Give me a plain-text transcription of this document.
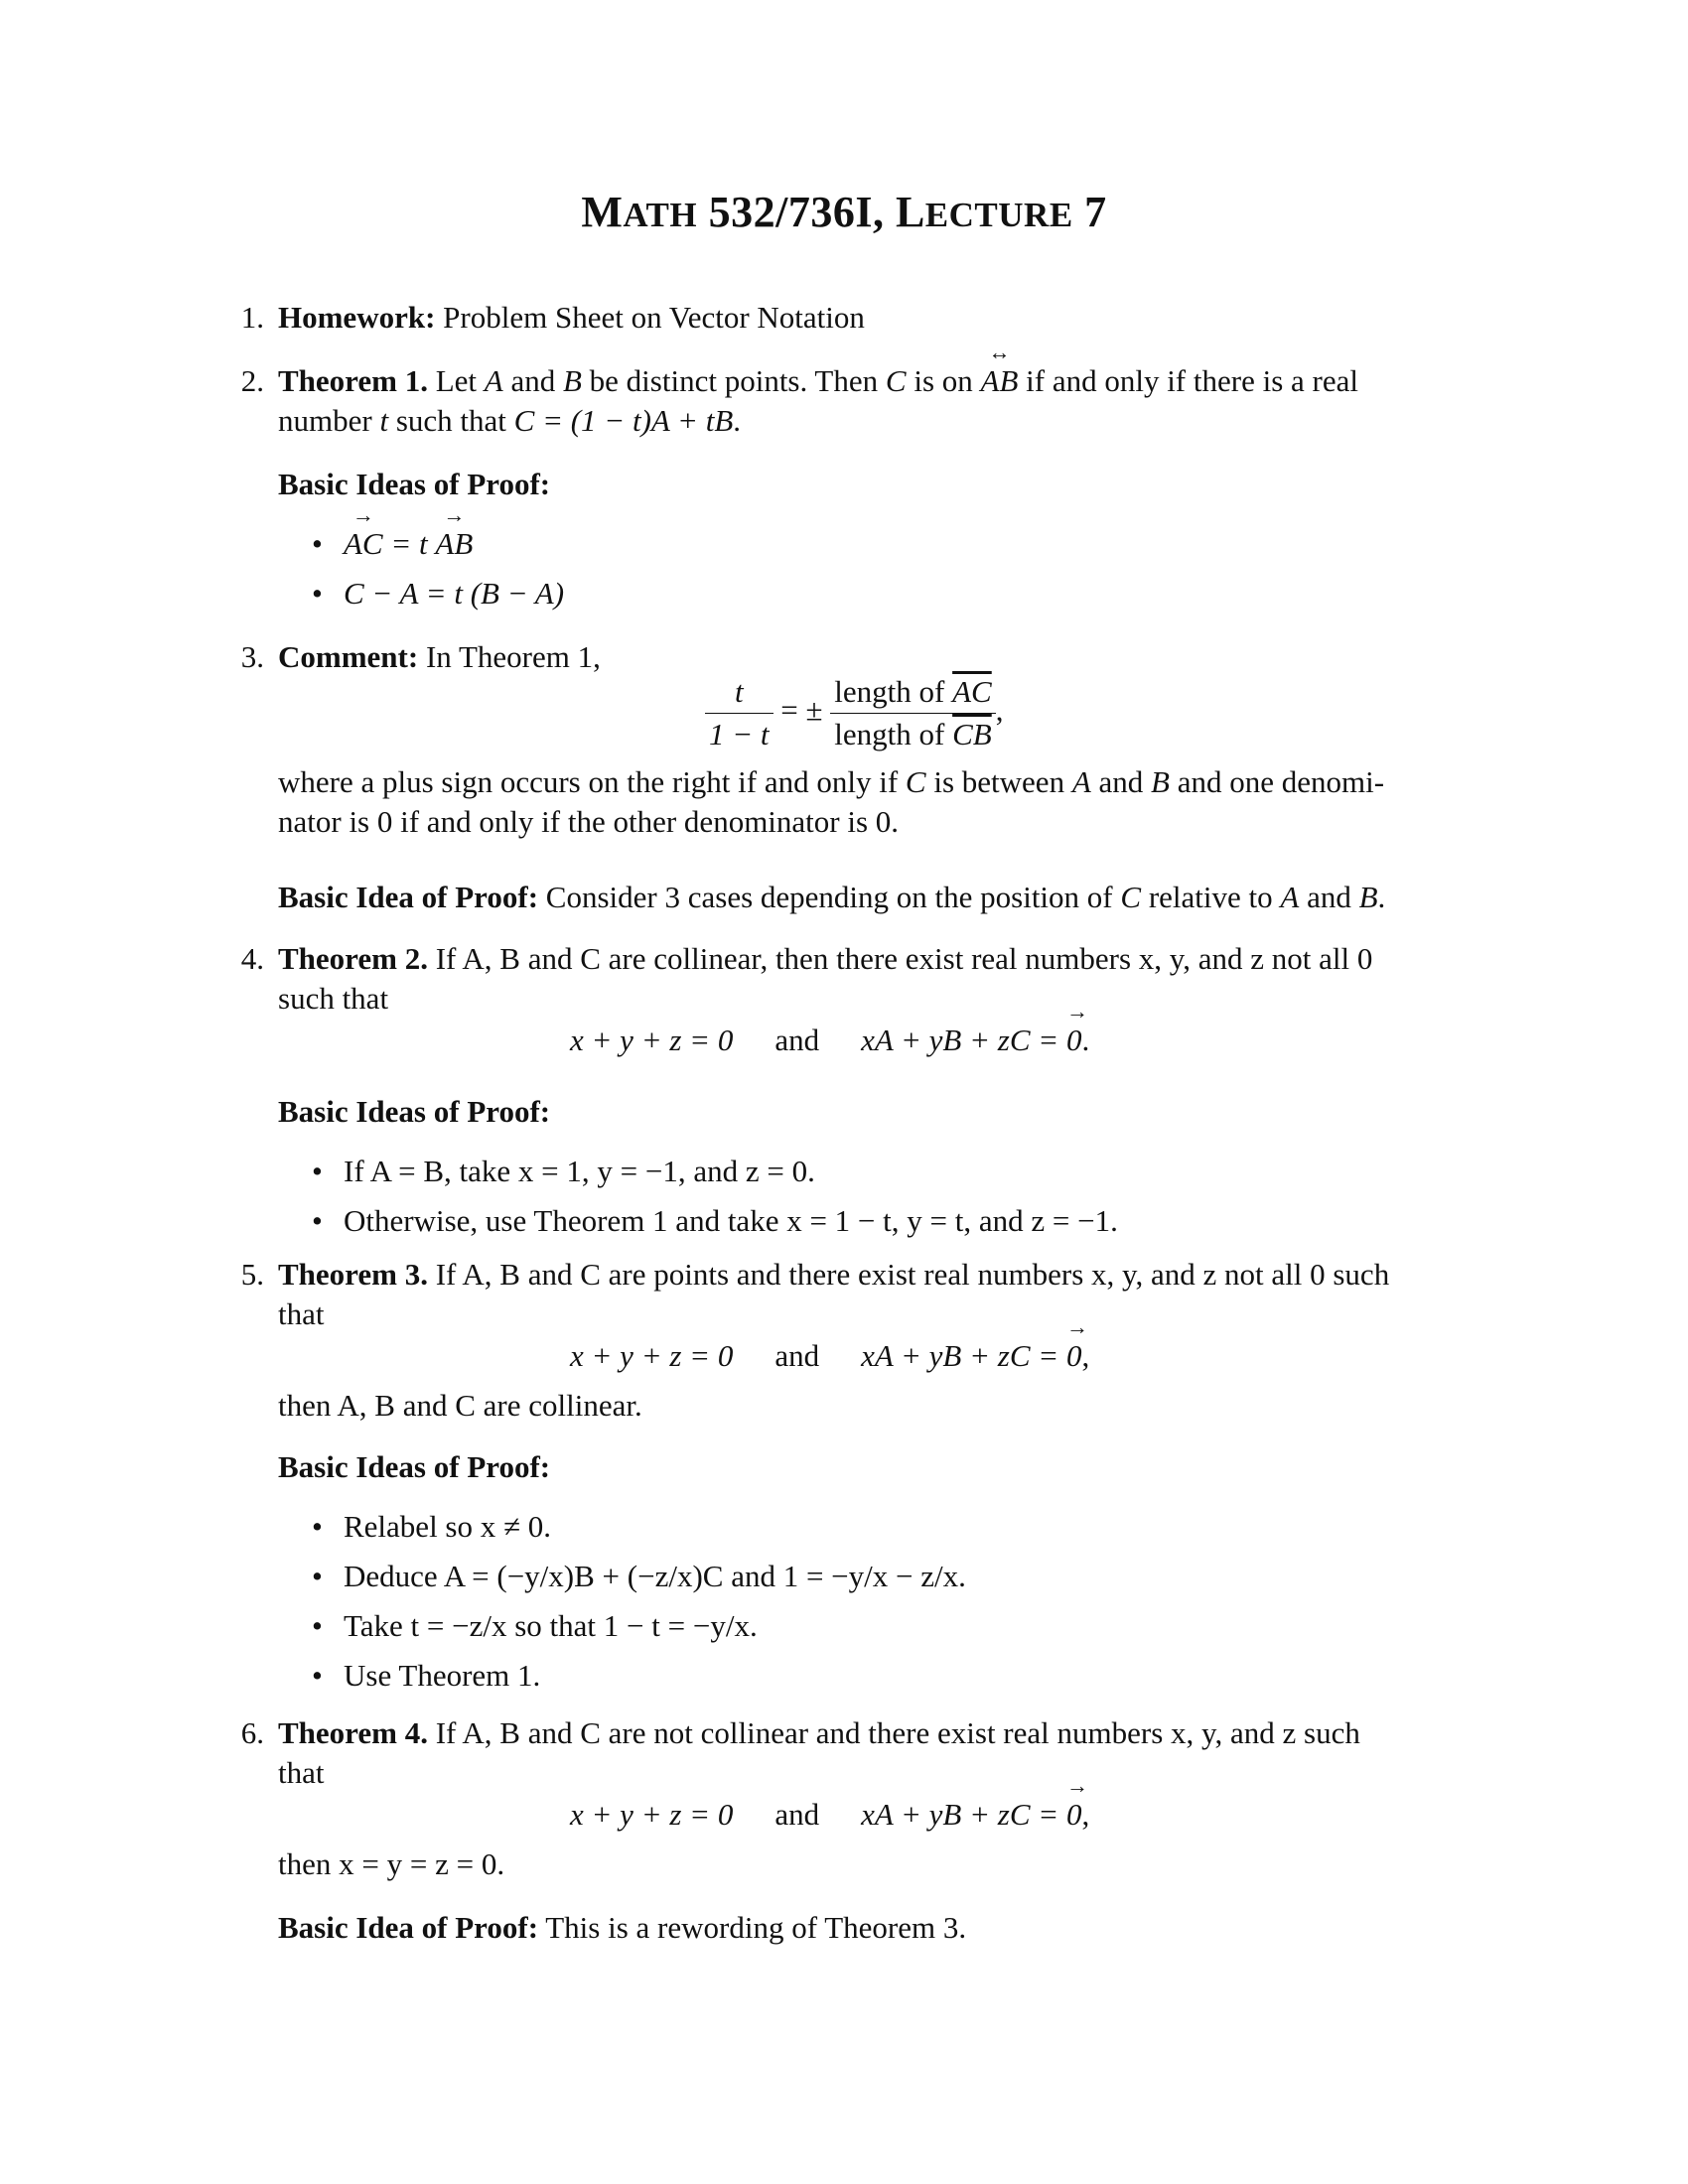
MATH 532/736I, LECTURE 7
1. Homework: Problem Sheet on Vector Notation
2. Theorem 1. Let A and B be distinct points. Then C is on
↔
AB if and only if there is a real
number t such that C = (1 − t)A + tB.
Basic Ideas of Proof:
•
→
AC = t
→
AB
• C − A = t (B − A)
3. Comment: In Theorem 1,
$\frac{t}{1 - t}$ = ± $\frac{length of \overline{AC}}{length of \overline{CB}}$ ,
where a plus sign occurs on the right if and only if C is between A and B and one denomi-
nator is 0 if and only if the other denominator is 0.
Basic Idea of Proof: Consider 3 cases depending on the position of C relative to A and B.
4. Theorem 2. If A, B and C are collinear, then there exist real numbers x, y, and z not all 0
such that
x + y + z = 0 and xA + yB + zC =
→
0.
Basic Ideas of Proof:
• If A = B, take x = 1, y = −1, and z = 0.
• Otherwise, use Theorem 1 and take x = 1 − t, y = t, and z = −1.
5. Theorem 3. If A, B and C are points and there exist real numbers x, y, and z not all 0 such
that
x + y + z = 0 and xA + yB + zC =
→
0,
then A, B and C are collinear.
Basic Ideas of Proof:
• Relabel so x ≠ 0.
• Deduce A = (−y/x)B + (−z/x)C and 1 = −y/x − z/x.
• Take t = −z/x so that 1 − t = −y/x.
• Use Theorem 1.
6. Theorem 4. If A, B and C are not collinear and there exist real numbers x, y, and z such
that
x + y + z = 0 and xA + yB + zC =
→
0,
then x = y = z = 0.
Basic Idea of Proof: This is a rewording of Theorem 3.
